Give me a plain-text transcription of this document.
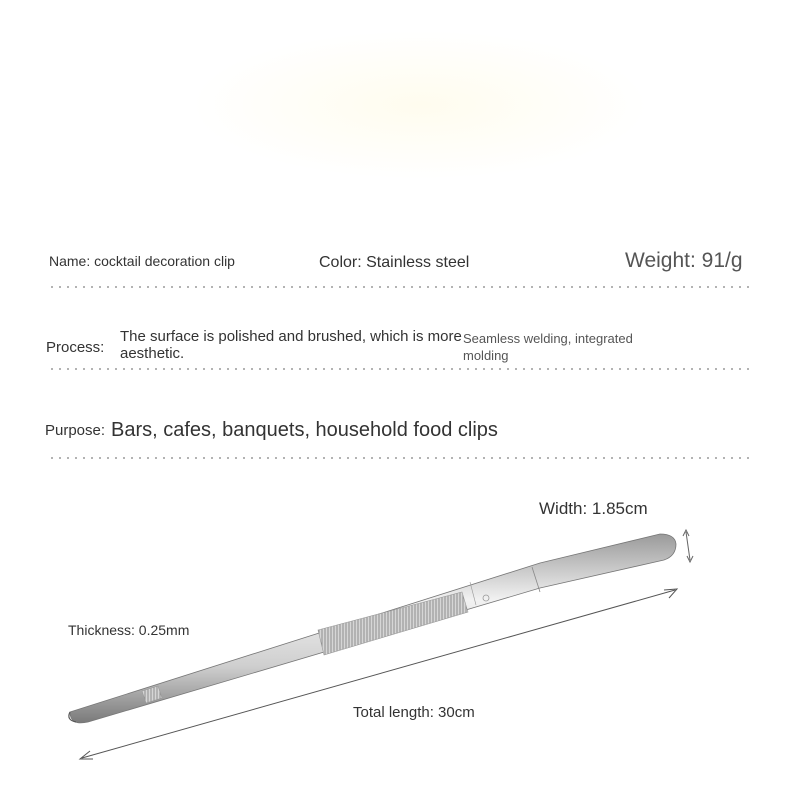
Name: cocktail decoration clip	Color: Stainless steel	Weight: 91/g
Process:
The surface is polished and brushed, which is more aesthetic.
Seamless welding, integrated molding
Purpose: Bars, cafes, banquets, household food clips
Width: 1.85cm
Thickness: 0.25mm
Total length: 30cm
